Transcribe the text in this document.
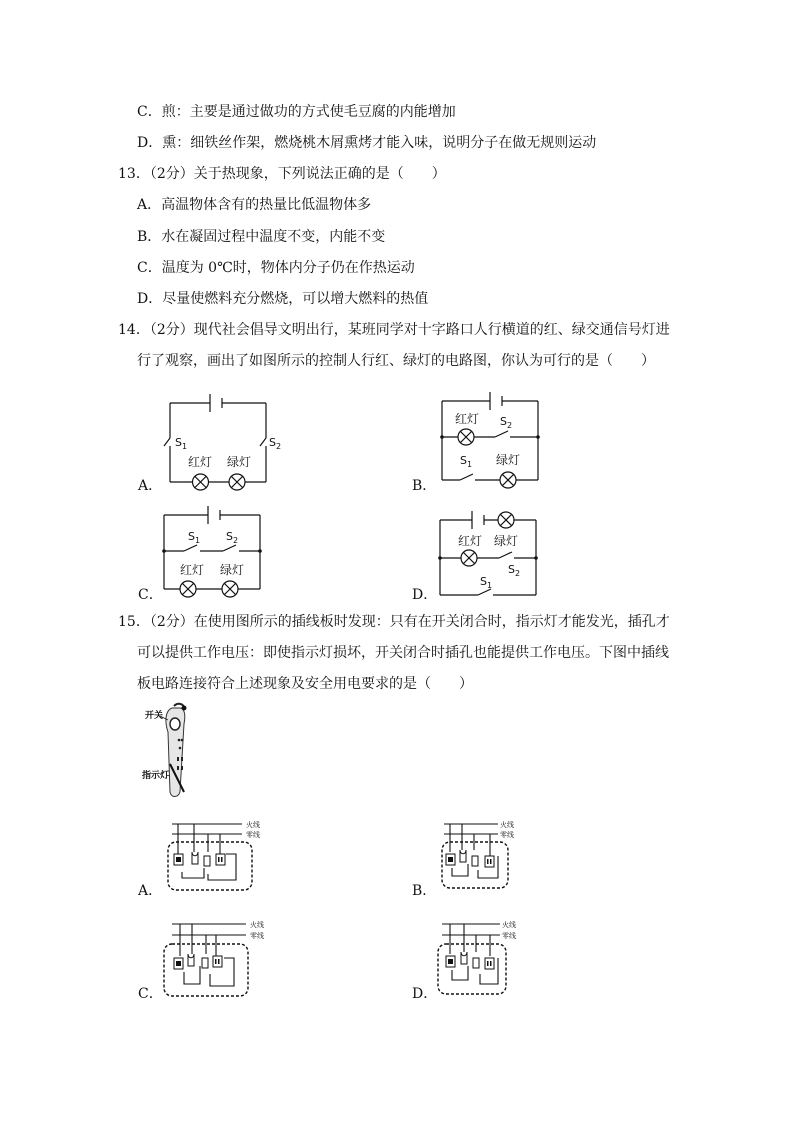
C．煎：主要是通过做功的方式使毛豆腐的内能增加
D．熏：细铁丝作架，燃烧桃木屑熏烤才能入味，说明分子在做无规则运动
13．（2分）关于热现象，下列说法正确的是（　　）
A．高温物体含有的热量比低温物体多
B．水在凝固过程中温度不变，内能不变
C．温度为 0℃时，物体内分子仍在作热运动
D．尽量使燃料充分燃烧，可以增大燃料的热值
14．（2分）现代社会倡导文明出行，某班同学对十字路口人行横道的红、绿交通信号灯进
行了观察，画出了如图所示的控制人行红、绿灯的电路图，你认为可行的是（　　）
A．
$S_1$	$S_2$
红灯 绿灯
B．
红灯 $S_2$
$S_1$ 绿灯
C．
$S_1$ $S_2$
红灯 绿灯
D．
红灯 绿灯
$S_2$
$S_1$
15．（2分）在使用图所示的插线板时发现：只有在开关闭合时，指示灯才能发光，插孔才
可以提供工作电压：即使指示灯损坏，开关闭合时插孔也能提供工作电压。下图中插线
板电路连接符合上述现象及安全用电要求的是（　　）
开关
指示灯
A．
火线
零线
B．
火线
零线
C．
火线
零线
D．
火线
零线
